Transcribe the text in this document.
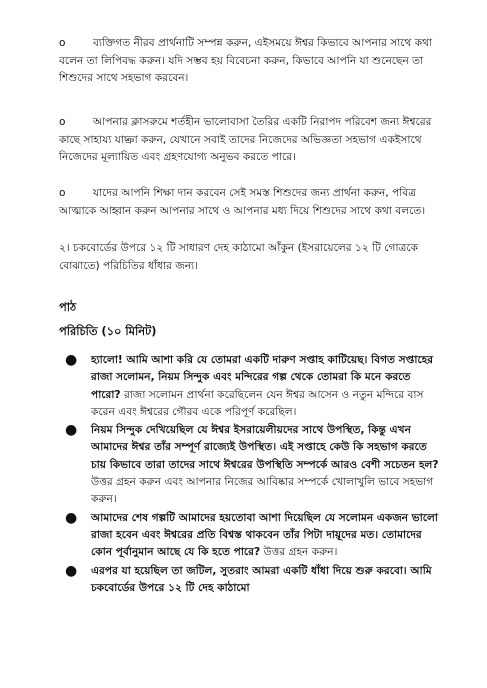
o	ব্যক্তিগত নীরব প্রার্থনাটি সম্পন্ন করুন, এইসময়ে ঈশ্বর কিভাবে আপনার সাথে কথা বলেন তা লিপিবদ্ধ করুন। যদি সম্ভব হয় বিবেচনা করুন, কিভাবে আপনি যা শুনেছেন তা শিশুদের সাথে সহভাগ করবেন।
o	আপনার ক্লাসরুমে শর্তহীন ভালোবাসা তৈরির একটি নিরাপদ পরিবেশ জন্য ঈশ্বরের কাছে সাহায্য যাচ্ঞা করুন, যেখানে সবাই তাদের নিজেদের অভিজ্ঞতা সহভাগ একইসাথে নিজেদের মূল্যায়িত এবং গ্রহণযোগ্য অনুভব করতে পারে।
o	যাদের আপনি শিক্ষা দান করবেন সেই সমস্ত শিশুদের জন্য প্রার্থনা করুন, পবিত্র আত্মাকে আহ্বান করুন আপনার সাথে ও আপনার মধ্য দিয়ে শিশুদের সাথে কথা বলতে।
২। চকবোর্ডের উপরে ১২ টি সাধারণ দেহ কাঠামো আঁকুন (ইসরায়েলের ১২ টি গোত্রকে বোঝাতে) পরিচিতির ধাঁধার জন্য।
পাঠ
পরিচিতি (১০ মিনিট)
● হ্যালো! আমি আশা করি যে তোমরা একটি দারুণ সপ্তাহ কাটিয়েছ। বিগত সপ্তাহের রাজা সলোমন, নিয়ম সিন্দুক এবং মন্দিরের গল্প থেকে তোমরা কি মনে করতে পারো? রাজা সলোমন প্রার্থনা করেছিলেন যেন ঈশ্বর আসেন ও নতুন মন্দিরে বাস করেন এবং ঈশ্বরের গৌরব একে পরিপূর্ণ করেছিল।
● নিয়ম সিন্দুক দেখিয়েছিল যে ঈশ্বর ইসরায়েলীয়দের সাথে উপস্থিত, কিন্তু এখন আমাদের ঈশ্বর তাঁর সম্পূর্ণ রাজ্যেই উপস্থিত। এই সপ্তাহে কেউ কি সহভাগ করতে চায় কিভাবে তারা তাদের সাথে ঈশ্বরের উপস্থিতি সম্পর্কে আরও বেশী সচেতন হল? উত্তর গ্রহন করুন এবং আপনার নিজের আবিষ্কার সম্পর্কে খোলাখুলি ভাবে সহভাগ করুন।
● আমাদের শেষ গল্পটি আমাদের হয়তোবা আশা দিয়েছিল যে সলোমন একজন ভালো রাজা হবেন এবং ঈশ্বরের প্রতি বিশ্বস্ত থাকবেন তাঁর পিটা দায়ূদের মত। তোমাদের কোন পূর্বানুমান আছে যে কি হতে পারে? উত্তর গ্রহন করুন।
● এরপর যা হয়েছিল তা জটিল, সুতরাং আমরা একটি ধাঁধা দিয়ে শুরু করবো। আমি চকবোর্ডের উপরে ১২ টি দেহ কাঠামো
